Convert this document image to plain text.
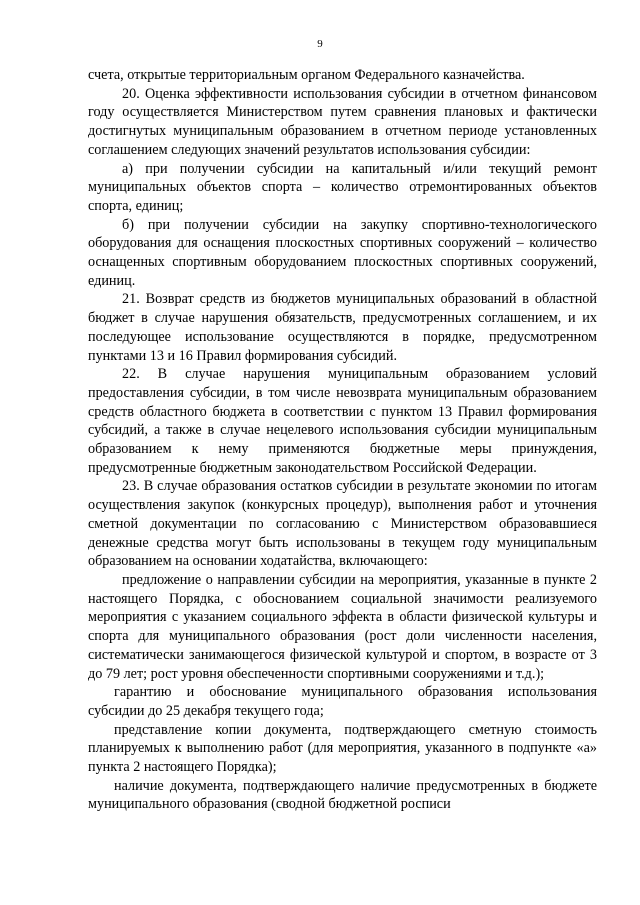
9

счета, открытые территориальным органом Федерального казначейства.

20. Оценка эффективности использования субсидии в отчетном финансовом году осуществляется Министерством путем сравнения плановых и фактически достигнутых муниципальным образованием в отчетном периоде установленных соглашением следующих значений результатов использования субсидии:

а) при получении субсидии на капитальный и/или текущий ремонт муниципальных объектов спорта – количество отремонтированных объектов спорта, единиц;

б) при получении субсидии на закупку спортивно-технологического оборудования для оснащения плоскостных спортивных сооружений – количество оснащенных спортивным оборудованием плоскостных спортивных сооружений, единиц.

21. Возврат средств из бюджетов муниципальных образований в областной бюджет в случае нарушения обязательств, предусмотренных соглашением, и их последующее использование осуществляются в порядке, предусмотренном пунктами 13 и 16 Правил формирования субсидий.

22. В случае нарушения муниципальным образованием условий предоставления субсидии, в том числе невозврата муниципальным образованием средств областного бюджета в соответствии с пунктом 13 Правил формирования субсидий, а также в случае нецелевого использования субсидии муниципальным образованием к нему применяются бюджетные меры принуждения, предусмотренные бюджетным законодательством Российской Федерации.

23. В случае образования остатков субсидии в результате экономии по итогам осуществления закупок (конкурсных процедур), выполнения работ и уточнения сметной документации по согласованию с Министерством образовавшиеся денежные средства могут быть использованы в текущем году муниципальным образованием на основании ходатайства, включающего:

предложение о направлении субсидии на мероприятия, указанные в пункте 2 настоящего Порядка, с обоснованием социальной значимости реализуемого мероприятия с указанием социального эффекта в области физической культуры и спорта для муниципального образования (рост доли численности населения, систематически занимающегося физической культурой и спортом, в возрасте от 3 до 79 лет; рост уровня обеспеченности спортивными сооружениями и т.д.);

гарантию и обоснование муниципального образования использования субсидии до 25 декабря текущего года;

представление копии документа, подтверждающего сметную стоимость планируемых к выполнению работ (для мероприятия, указанного в подпункте «а» пункта 2 настоящего Порядка);

наличие документа, подтверждающего наличие предусмотренных в бюджете муниципального образования (сводной бюджетной росписи
